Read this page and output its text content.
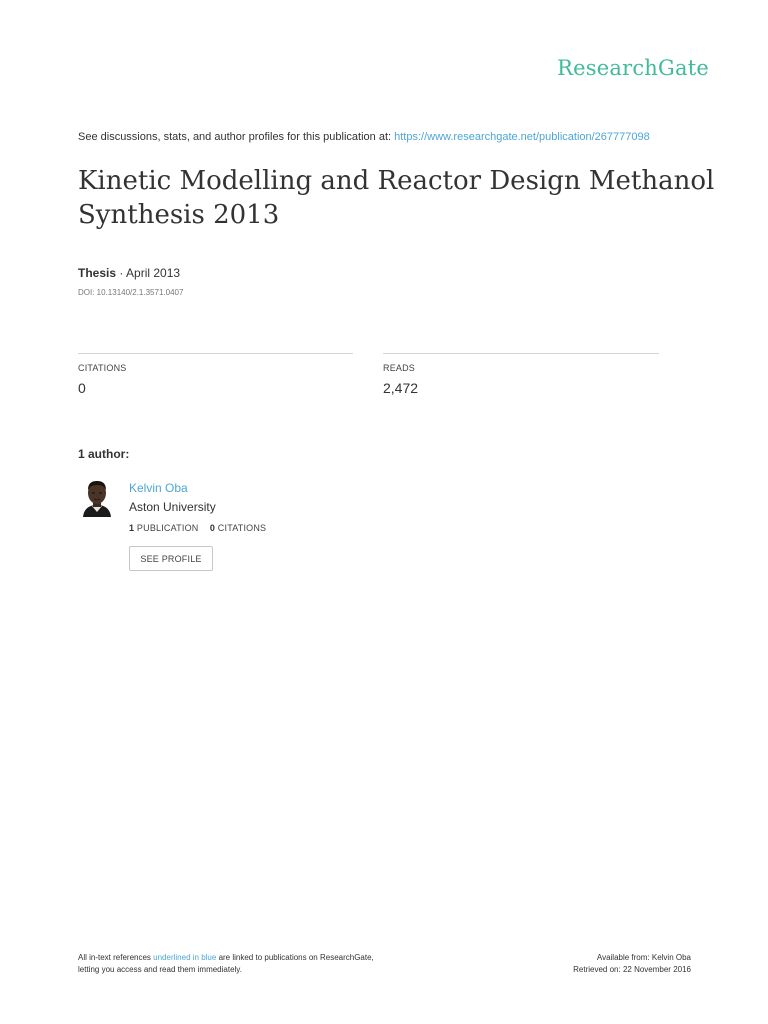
ResearchGate
See discussions, stats, and author profiles for this publication at: https://www.researchgate.net/publication/267777098
Kinetic Modelling and Reactor Design Methanol Synthesis 2013
Thesis · April 2013
DOI: 10.13140/2.1.3571.0407
CITATIONS
0
READS
2,472
1 author:
Kelvin Oba
Aston University
1 PUBLICATION 0 CITATIONS
SEE PROFILE
All in-text references underlined in blue are linked to publications on ResearchGate,
letting you access and read them immediately.
Available from: Kelvin Oba
Retrieved on: 22 November 2016
